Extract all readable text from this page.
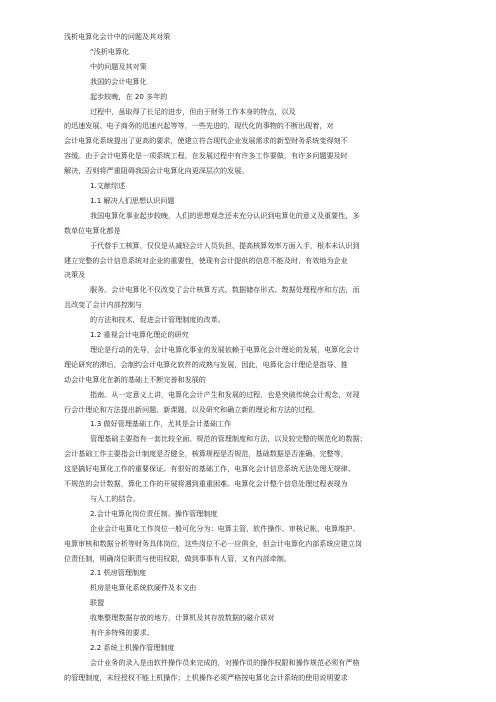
浅析电算化会计中的问题及其对策
“浅析电算化
中的问题及其对策
我国的会计电算化
起步较晚，在 20 多年的
过程中，虽取得了长足的进步，但由于财务工作本身的特点，以及
的迅速发展、电子商务的迅速兴起等等，一些先进的、现代化的事物的不断出现着，对
会计电算化系统提出了更高的要求，使建立符合现代企业发展需求的新型财务系统变得刻不
容缓。由于会计电算化是一项系统工程，在发展过程中有许多工作要做，有许多问题要及时
解决，否则将严重阻碍我国会计电算化向更深层次的发展。
1.文献综述
1.1 解决人们思想认识问题
我国电算化事业起步较晚，人们的思想观念还未充分认识到电算化的意义及重要性，多
数单位电算化都是
于代替手工核算，仅仅是从减轻会计人员负担、提高核算效率方面入手，根本未认识到
建立完整的会计信息系统对企业的重要性，使现有会计提供的信息不能及时、有效地为企业
决策及
服务。会计电算化不仅改变了会计核算方式、数据储存形式、数据处理程序和方法，而
且改变了会计内部控制与
的方法和技术，促进会计管理制度的改革。
1.2 重视会计电算化理论的研究
理论是行动的先导，会计电算化事业的发展依赖于电算化会计理论的发展，电算化会计
理论研究的滞后，会制约会计电算化软件的成熟与发展，因此，电算化会计理论是指导、推
动会计电算化在新的基础上不断完善和发展的
指南。从一定意义上讲，电算化会计产生和发展的过程，也是突破传统会计观念，对现
行会计理论和方法提出新问题、新课题，以及研究和确立新的理论和方法的过程。
1.3 做好管理基础工作，尤其是会计基础工作
管理基础主要指有一套比较全面、规范的管理制度和方法，以及较完整的规范化的数据；
会计基础工作主要指会计制度是否健全，核算规程是否规范，基础数据是否准确、完整等，
这是搞好电算化工作的重要保证。有很好的基础工作，电算化会计信息系统无法处理无规律、
不规范的会计数据，算化工作的开展将遇到重重困难。电算化会计整个信息处理过程表现为
与人工的结合。
2.会计电算化岗位责任制、操作管理制度
企业会计电算化工作岗位一般可化分为：电算主管、软件操作、审核记帐、电算维护、
电算审核和数据分析等财务具体岗位，这些岗位不必一应俱全，但会计电算化内部系统应建立岗
位责任制，明确岗位职责与使用权限，做到事事有人管，又有内部牵制。
2.1 机房管理制度
机房是电算化系统软硬件及本文由
联盟
收集整理数据存放的地方，计算机及其存放数据的磁介质对
有许多特殊的要求。
2.2 系统上机操作管理制度
会计业务的录入是由软件操作员来完成的，对操作员的操作权限和操作规范必须有严格
的管理制度，未经授权不能上机操作；上机操作必须严格按电算化会计系统的使用说明要求
